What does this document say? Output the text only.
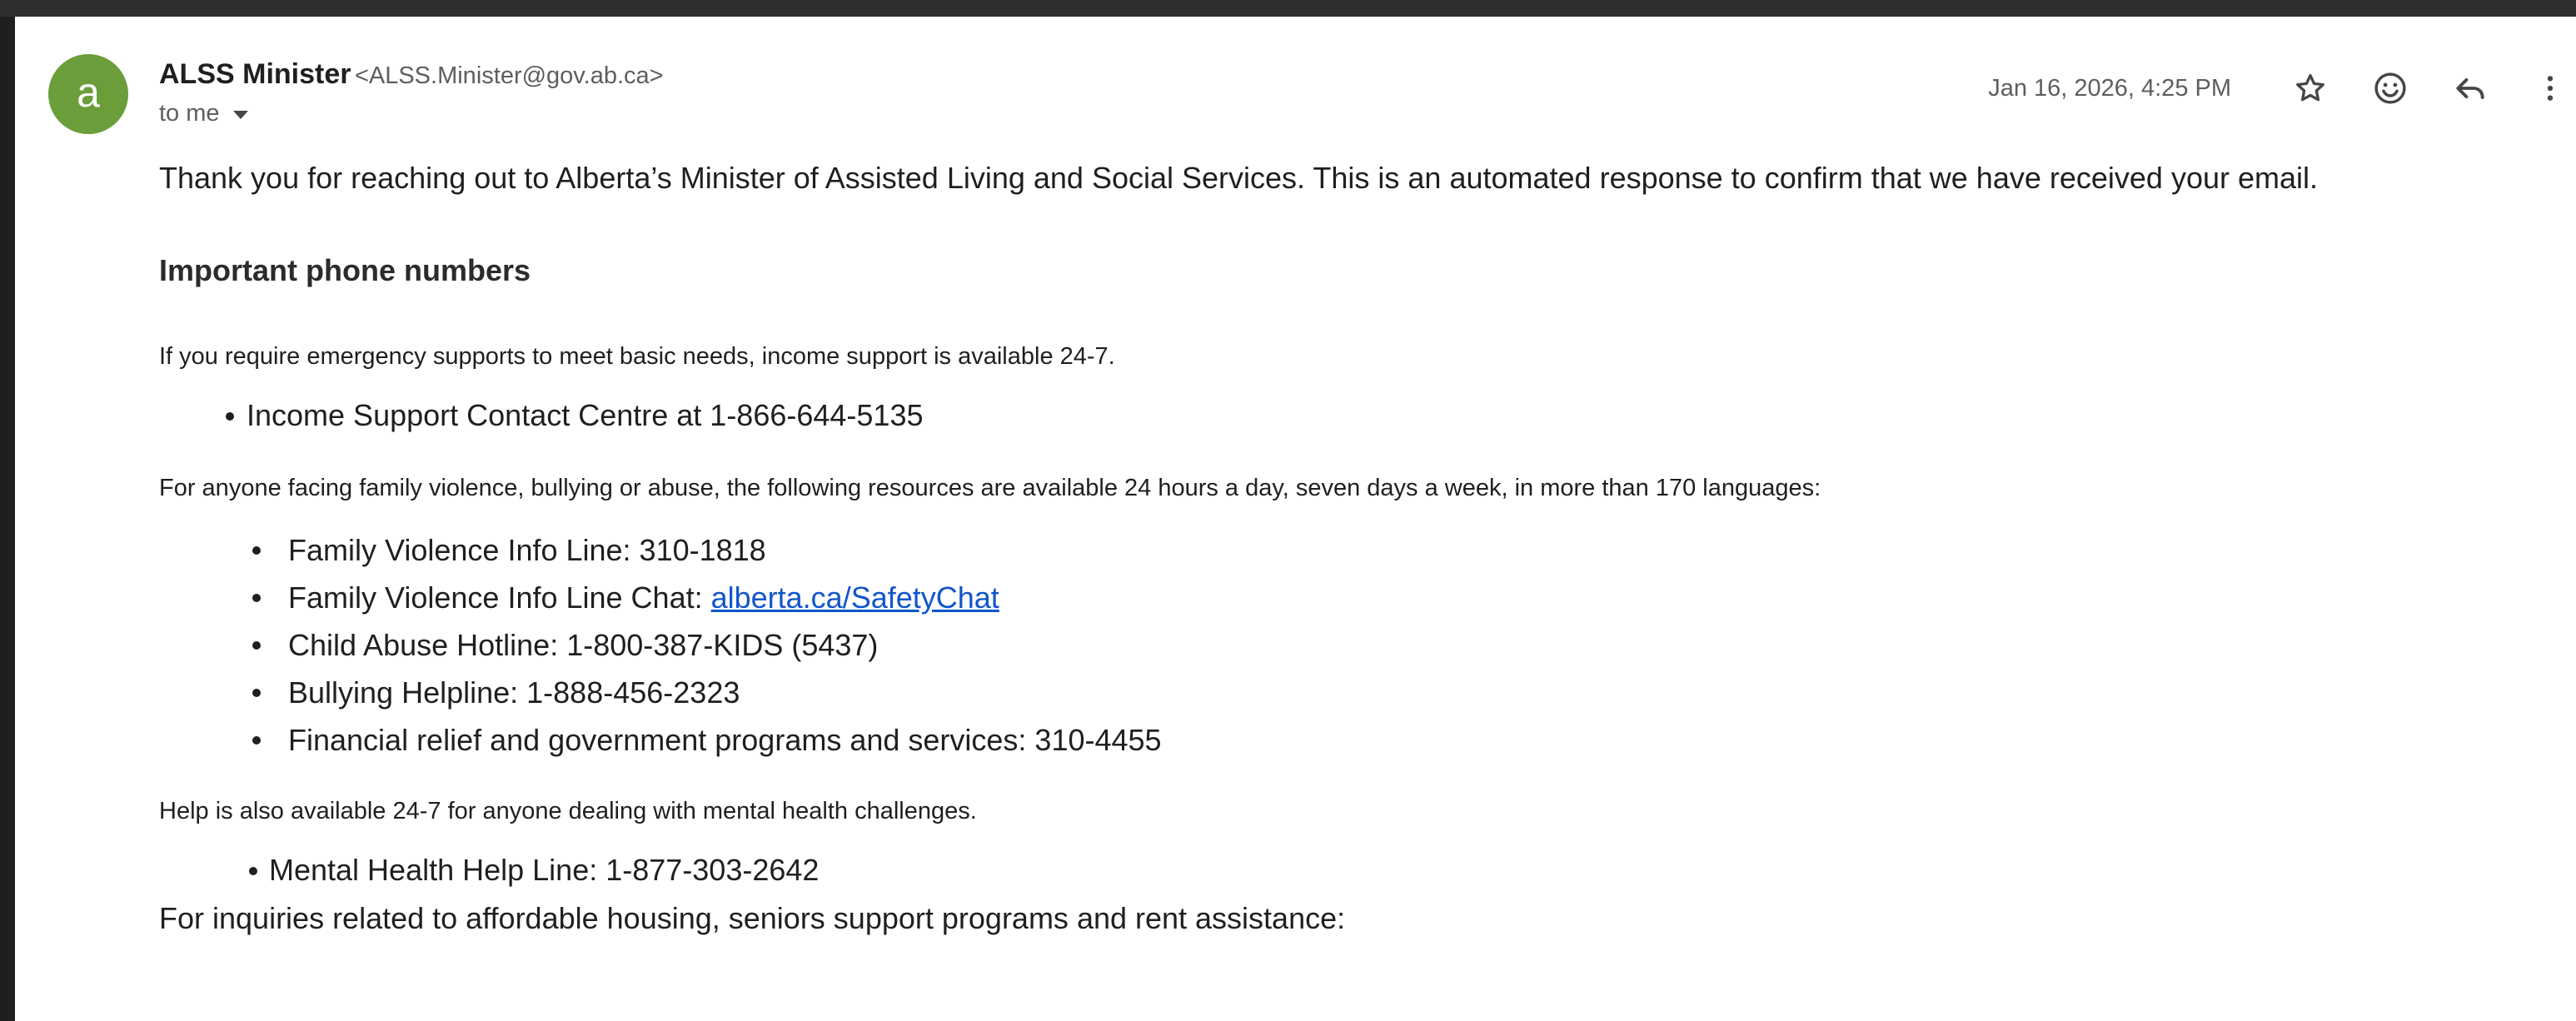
a	ALSS Minister <ALSS.Minister@gov.ab.ca>
to me
Jan 16, 2026, 4:25 PM

Thank you for reaching out to Alberta’s Minister of Assisted Living and Social Services. This is an automated response to confirm that we have received your email.

Important phone numbers

If you require emergency supports to meet basic needs, income support is available 24-7.

Income Support Contact Centre at 1-866-644-5135

For anyone facing family violence, bullying or abuse, the following resources are available 24 hours a day, seven days a week, in more than 170 languages:

Family Violence Info Line: 310-1818
Family Violence Info Line Chat: alberta.ca/SafetyChat
Child Abuse Hotline: 1-800-387-KIDS (5437)
Bullying Helpline: 1-888-456-2323
Financial relief and government programs and services: 310-4455

Help is also available 24-7 for anyone dealing with mental health challenges.

Mental Health Help Line: 1-877-303-2642

For inquiries related to affordable housing, seniors support programs and rent assistance:
